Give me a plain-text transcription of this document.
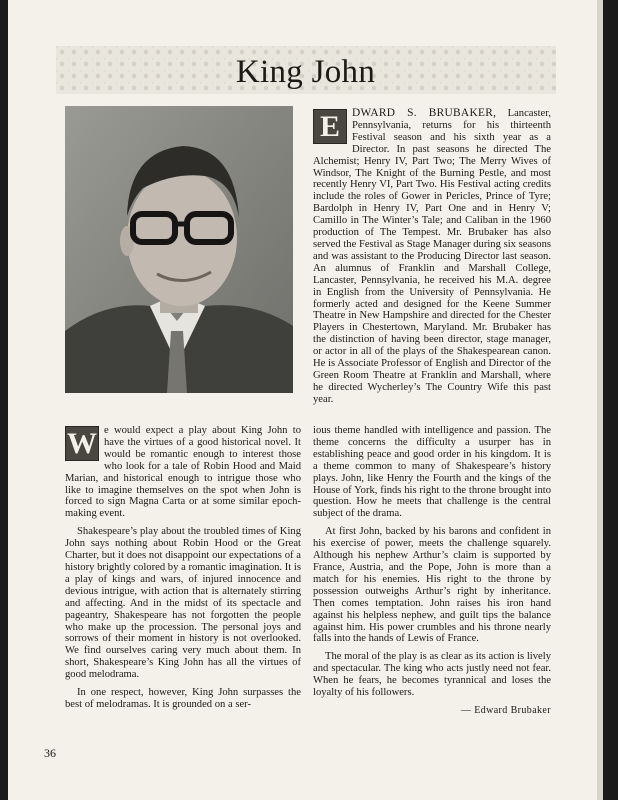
King John

E	DWARD S. BRUBAKER, Lancaster, Pennsylvania, returns for his thirteenth Festival season and his sixth year as a Director. In past seasons he directed The Alchemist; Henry IV, Part Two; The Merry Wives of Windsor, The Knight of the Burning Pestle, and most recently Henry VI, Part Two. His Festival acting credits include the roles of Gower in Pericles, Prince of Tyre; Bardolph in Henry IV, Part One and in Henry V; Camillo in The Winter’s Tale; and Caliban in the 1960 production of The Tempest. Mr. Brubaker has also served the Festival as Stage Manager during six seasons and was assistant to the Producing Director last season. An alumnus of Franklin and Marshall College, Lancaster, Pennsylvania, he received his M.A. degree in English from the University of Pennsylvania. He formerly acted and designed for the Keene Summer Theatre in New Hampshire and directed for the Chester Players in Chestertown, Maryland. Mr. Brubaker has the distinction of having been director, stage manager, or actor in all of the plays of the Shakespearean canon. He is Associate Professor of English and Director of the Green Room Theatre at Franklin and Marshall, where he directed Wycherley’s The Country Wife this past year.

W e would expect a play about King John to have the virtues of a good historical novel. It would be romantic enough to interest those who look for a tale of Robin Hood and Maid Marian, and historical enough to intrigue those who like to imagine themselves on the spot when John is forced to sign Magna Carta or at some similar epoch-making event.

Shakespeare’s play about the troubled times of King John says nothing about Robin Hood or the Great Charter, but it does not disappoint our expectations of a history brightly colored by a romantic imagination. It is a play of kings and wars, of injured innocence and devious intrigue, with action that is alternately stirring and affecting. And in the midst of its spectacle and pageantry, Shakespeare has not forgotten the people who make up the procession. The personal joys and sorrows of their moment in history is not overlooked. We find ourselves caring very much about them. In short, Shakespeare’s King John has all the virtues of good melodrama.

In one respect, however, King John surpasses the best of melodramas. It is grounded on a ser-

ious theme handled with intelligence and passion. The theme concerns the difficulty a usurper has in establishing peace and good order in his kingdom. It is a theme common to many of Shakespeare’s history plays. John, like Henry the Fourth and the kings of the House of York, finds his right to the throne brought into question. How he meets that challenge is the central subject of the drama.

At first John, backed by his barons and confident in his exercise of power, meets the challenge squarely. Although his nephew Arthur’s claim is supported by France, Austria, and the Pope, John is more than a match for his enemies. His right to the throne by possession outweighs Arthur’s right by inheritance. Then comes temptation. John raises his iron hand against his helpless nephew, and guilt tips the balance against him. His power crumbles and his throne nearly falls into the hands of Lewis of France.

The moral of the play is as clear as its action is lively and spectacular. The king who acts justly need not fear. When he fears, he becomes tyrannical and loses the loyalty of his followers.

— Edward Brubaker

36
